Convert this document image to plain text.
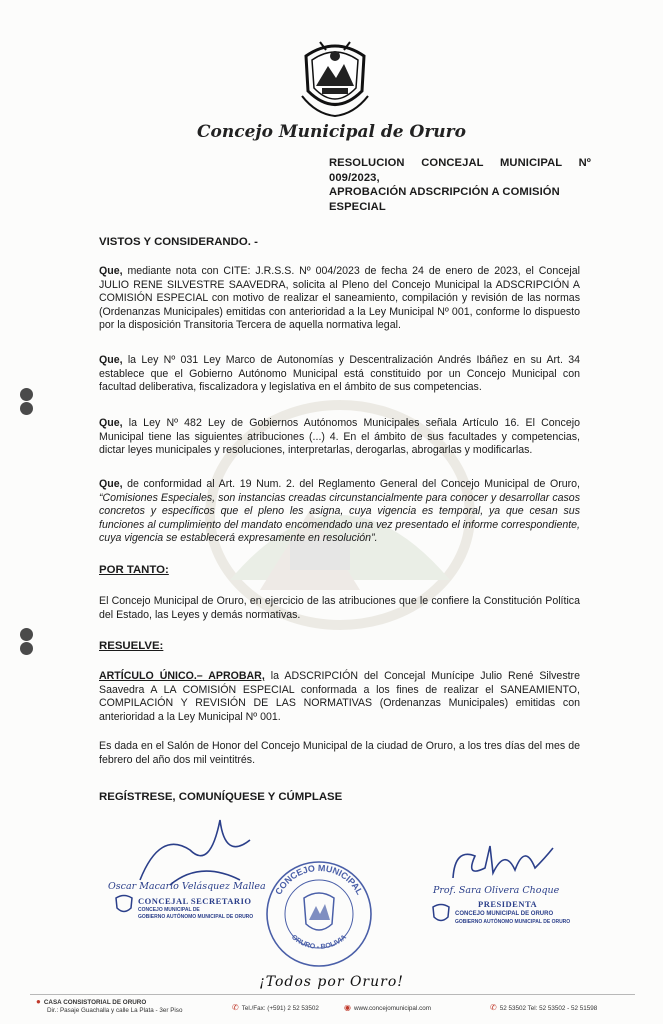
Concejo Municipal de Oruro
RESOLUCION CONCEJAL MUNICIPAL Nº 009/2023,
APROBACIÓN ADSCRIPCIÓN A COMISIÓN
ESPECIAL
VISTOS Y CONSIDERANDO. -
Que, mediante nota con CITE: J.R.S.S. Nº 004/2023 de fecha 24 de enero de 2023, el Concejal JULIO RENE SILVESTRE SAAVEDRA, solicita al Pleno del Concejo Municipal la ADSCRIPCIÓN A COMISIÓN ESPECIAL con motivo de realizar el saneamiento, compilación y revisión de las normas (Ordenanzas Municipales) emitidas con anterioridad a la Ley Municipal Nº 001, conforme lo dispuesto por la disposición Transitoria Tercera de aquella normativa legal.
Que, la Ley Nº 031 Ley Marco de Autonomías y Descentralización Andrés Ibáñez en su Art. 34 establece que el Gobierno Autónomo Municipal está constituido por un Concejo Municipal con facultad deliberativa, fiscalizadora y legislativa en el ámbito de sus competencias.
Que, la Ley Nº 482 Ley de Gobiernos Autónomos Municipales señala Artículo 16. El Concejo Municipal tiene las siguientes atribuciones (...) 4. En el ámbito de sus facultades y competencias, dictar leyes municipales y resoluciones, interpretarlas, derogarlas, abrogarlas y modificarlas.
Que, de conformidad al Art. 19 Num. 2. del Reglamento General del Concejo Municipal de Oruro, “Comisiones Especiales, son instancias creadas circunstancialmente para conocer y desarrollar casos concretos y específicos que el pleno les asigna, cuya vigencia es temporal, ya que cesan sus funciones al cumplimiento del mandato encomendado una vez presentado el informe correspondiente, cuya vigencia se establecerá expresamente en resolución”.
POR TANTO:
El Concejo Municipal de Oruro, en ejercicio de las atribuciones que le confiere la Constitución Política del Estado, las Leyes y demás normativas.
RESUELVE:
ARTÍCULO ÚNICO.– APROBAR, la ADSCRIPCIÓN del Concejal Munícipe Julio René Silvestre Saavedra A LA COMISIÓN ESPECIAL conformada a los fines de realizar el SANEAMIENTO, COMPILACIÓN Y REVISIÓN DE LAS NORMATIVAS (Ordenanzas Municipales) emitidas con anterioridad a la Ley Municipal Nº 001.
Es dada en el Salón de Honor del Concejo Municipal de la ciudad de Oruro, a los tres días del mes de febrero del año dos mil veintitrés.
REGÍSTRESE, COMUNÍQUESE Y CÚMPLASE
Oscar Macario Velásquez Mallea
CONCEJAL SECRETARIO
CONCEJO MUNICIPAL DE
GOBIERNO AUTÓNOMO MUNICIPAL DE ORURO
CONCEJO MUNICIPAL
ORURO - BOLIVIA
Prof. Sara Olivera Choque
PRESIDENTA
CONCEJO MUNICIPAL DE ORURO
GOBIERNO AUTÓNOMO MUNICIPAL DE ORURO
¡Todos por Oruro!
● CASA CONSISTORIAL DE ORURO
Dir.: Pasaje Guachalla y calle La Plata - 3er Piso	✆ Tel./Fax: (+591) 2 52 53502	◉ www.concejomunicipal.com	✆ 52 53502 Tel: 52 53502 - 52 51598
